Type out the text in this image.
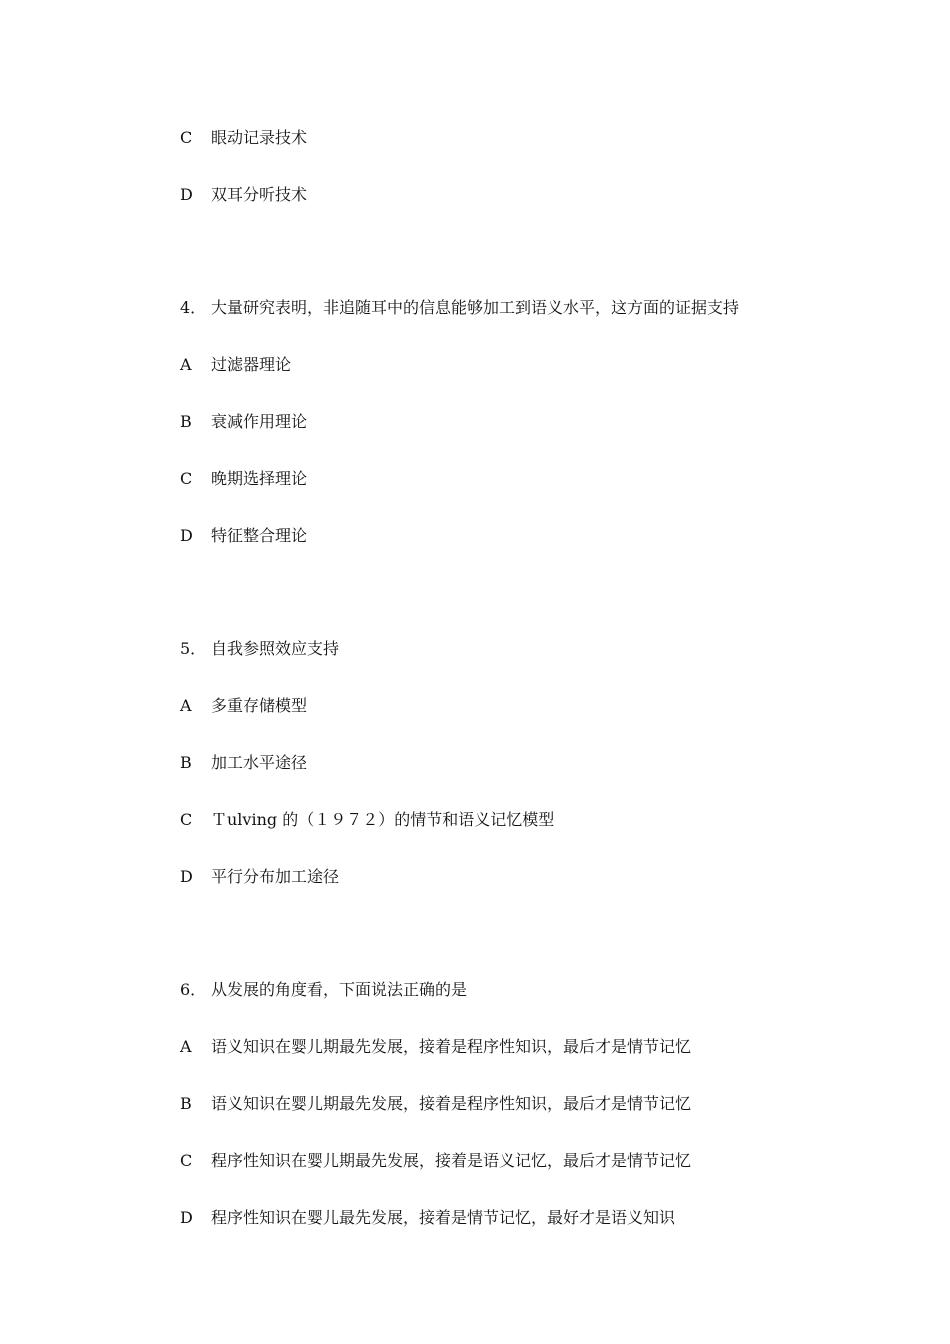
C 眼动记录技术
D 双耳分听技术
4． 大量研究表明，非追随耳中的信息能够加工到语义水平，这方面的证据支持
A 过滤器理论
B 衰减作用理论
C 晚期选择理论
D 特征整合理论
5． 自我参照效应支持
A 多重存储模型
B 加工水平途径
C Ｔulving 的（１９７２）的情节和语义记忆模型
D 平行分布加工途径
6． 从发展的角度看，下面说法正确的是
A 语义知识在婴儿期最先发展，接着是程序性知识，最后才是情节记忆
B 语义知识在婴儿期最先发展，接着是程序性知识，最后才是情节记忆
C 程序性知识在婴儿期最先发展，接着是语义记忆，最后才是情节记忆
D 程序性知识在婴儿最先发展，接着是情节记忆，最好才是语义知识
